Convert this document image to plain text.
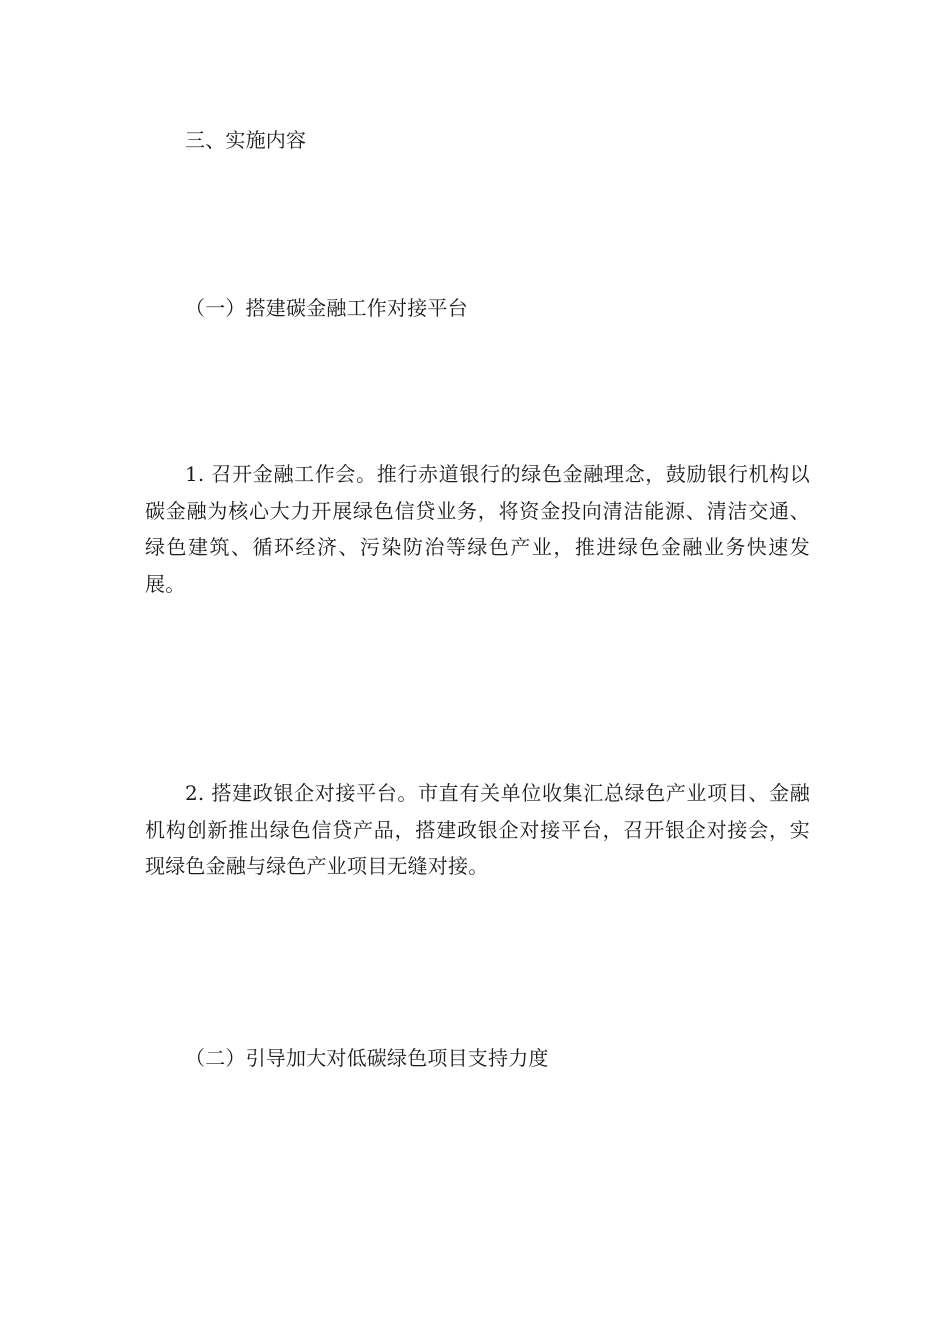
三、实施内容

（一）搭建碳金融工作对接平台

1. 召开金融工作会。推行赤道银行的绿色金融理念，鼓励银行机构以碳金融为核心大力开展绿色信贷业务，将资金投向清洁能源、清洁交通、绿色建筑、循环经济、污染防治等绿色产业，推进绿色金融业务快速发展。

2. 搭建政银企对接平台。市直有关单位收集汇总绿色产业项目、金融机构创新推出绿色信贷产品，搭建政银企对接平台，召开银企对接会，实现绿色金融与绿色产业项目无缝对接。

（二）引导加大对低碳绿色项目支持力度
